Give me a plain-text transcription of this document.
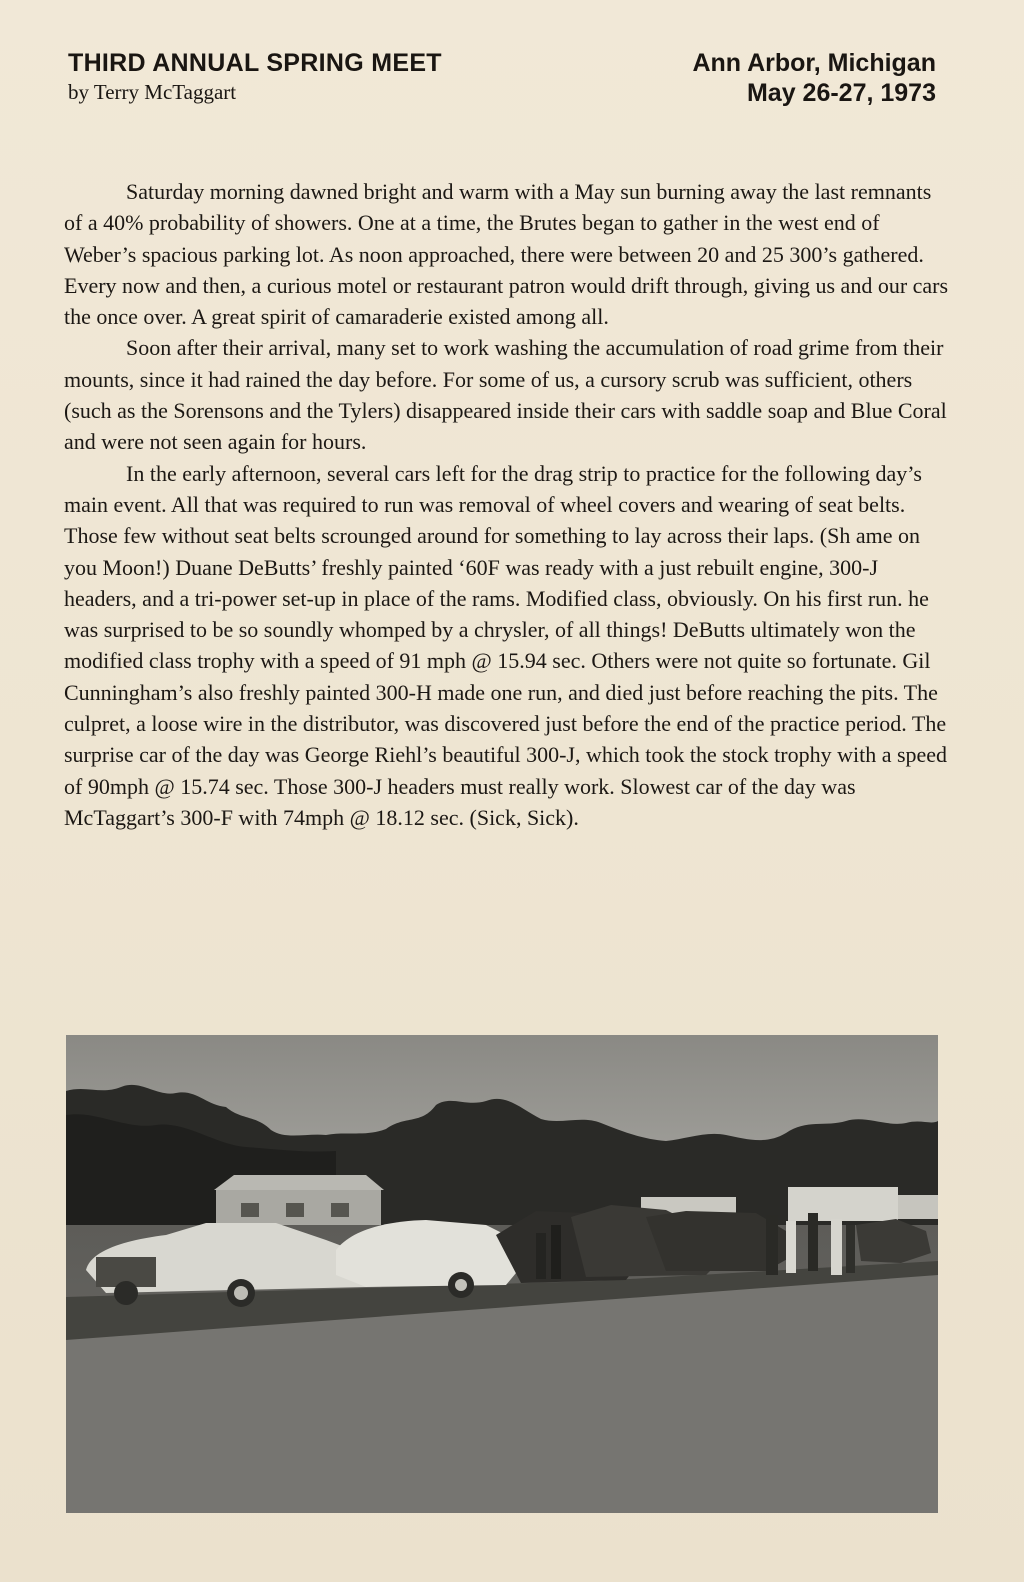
THIRD ANNUAL SPRING MEET
by Terry McTaggart
Ann Arbor, Michigan
May 26-27, 1973

Saturday morning dawned bright and warm with a May sun burning away the last remnants of a 40% probability of showers. One at a time, the Brutes began to gather in the west end of Weber’s spacious parking lot. As noon approached, there were between 20 and 25 300’s gathered. Every now and then, a curious motel or restaurant patron would drift through, giving us and our cars the once over. A great spirit of camaraderie existed among all.

Soon after their arrival, many set to work washing the accumulation of road grime from their mounts, since it had rained the day before. For some of us, a cursory scrub was sufficient, others (such as the Sorensons and the Tylers) disappeared inside their cars with saddle soap and Blue Coral and were not seen again for hours.

In the early afternoon, several cars left for the drag strip to practice for the following day’s main event. All that was required to run was removal of wheel covers and wearing of seat belts. Those few without seat belts scrounged around for something to lay across their laps. (Sh ame on you Moon!) Duane DeButts’ freshly painted ‘60F was ready with a just rebuilt engine, 300-J headers, and a tri-power set-up in place of the rams. Modified class, obviously. On his first run. he was surprised to be so soundly whomped by a chrysler, of all things! DeButts ultimately won the modified class trophy with a speed of 91 mph @ 15.94 sec. Others were not quite so fortunate. Gil Cunningham’s also freshly painted 300-H made one run, and died just before reaching the pits. The culpret, a loose wire in the distributor, was discovered just before the end of the practice period. The surprise car of the day was George Riehl’s beautiful 300-J, which took the stock trophy with a speed of 90mph @ 15.74 sec. Those 300-J headers must really work. Slowest car of the day was McTaggart’s 300-F with 74mph @ 18.12 sec. (Sick, Sick).
